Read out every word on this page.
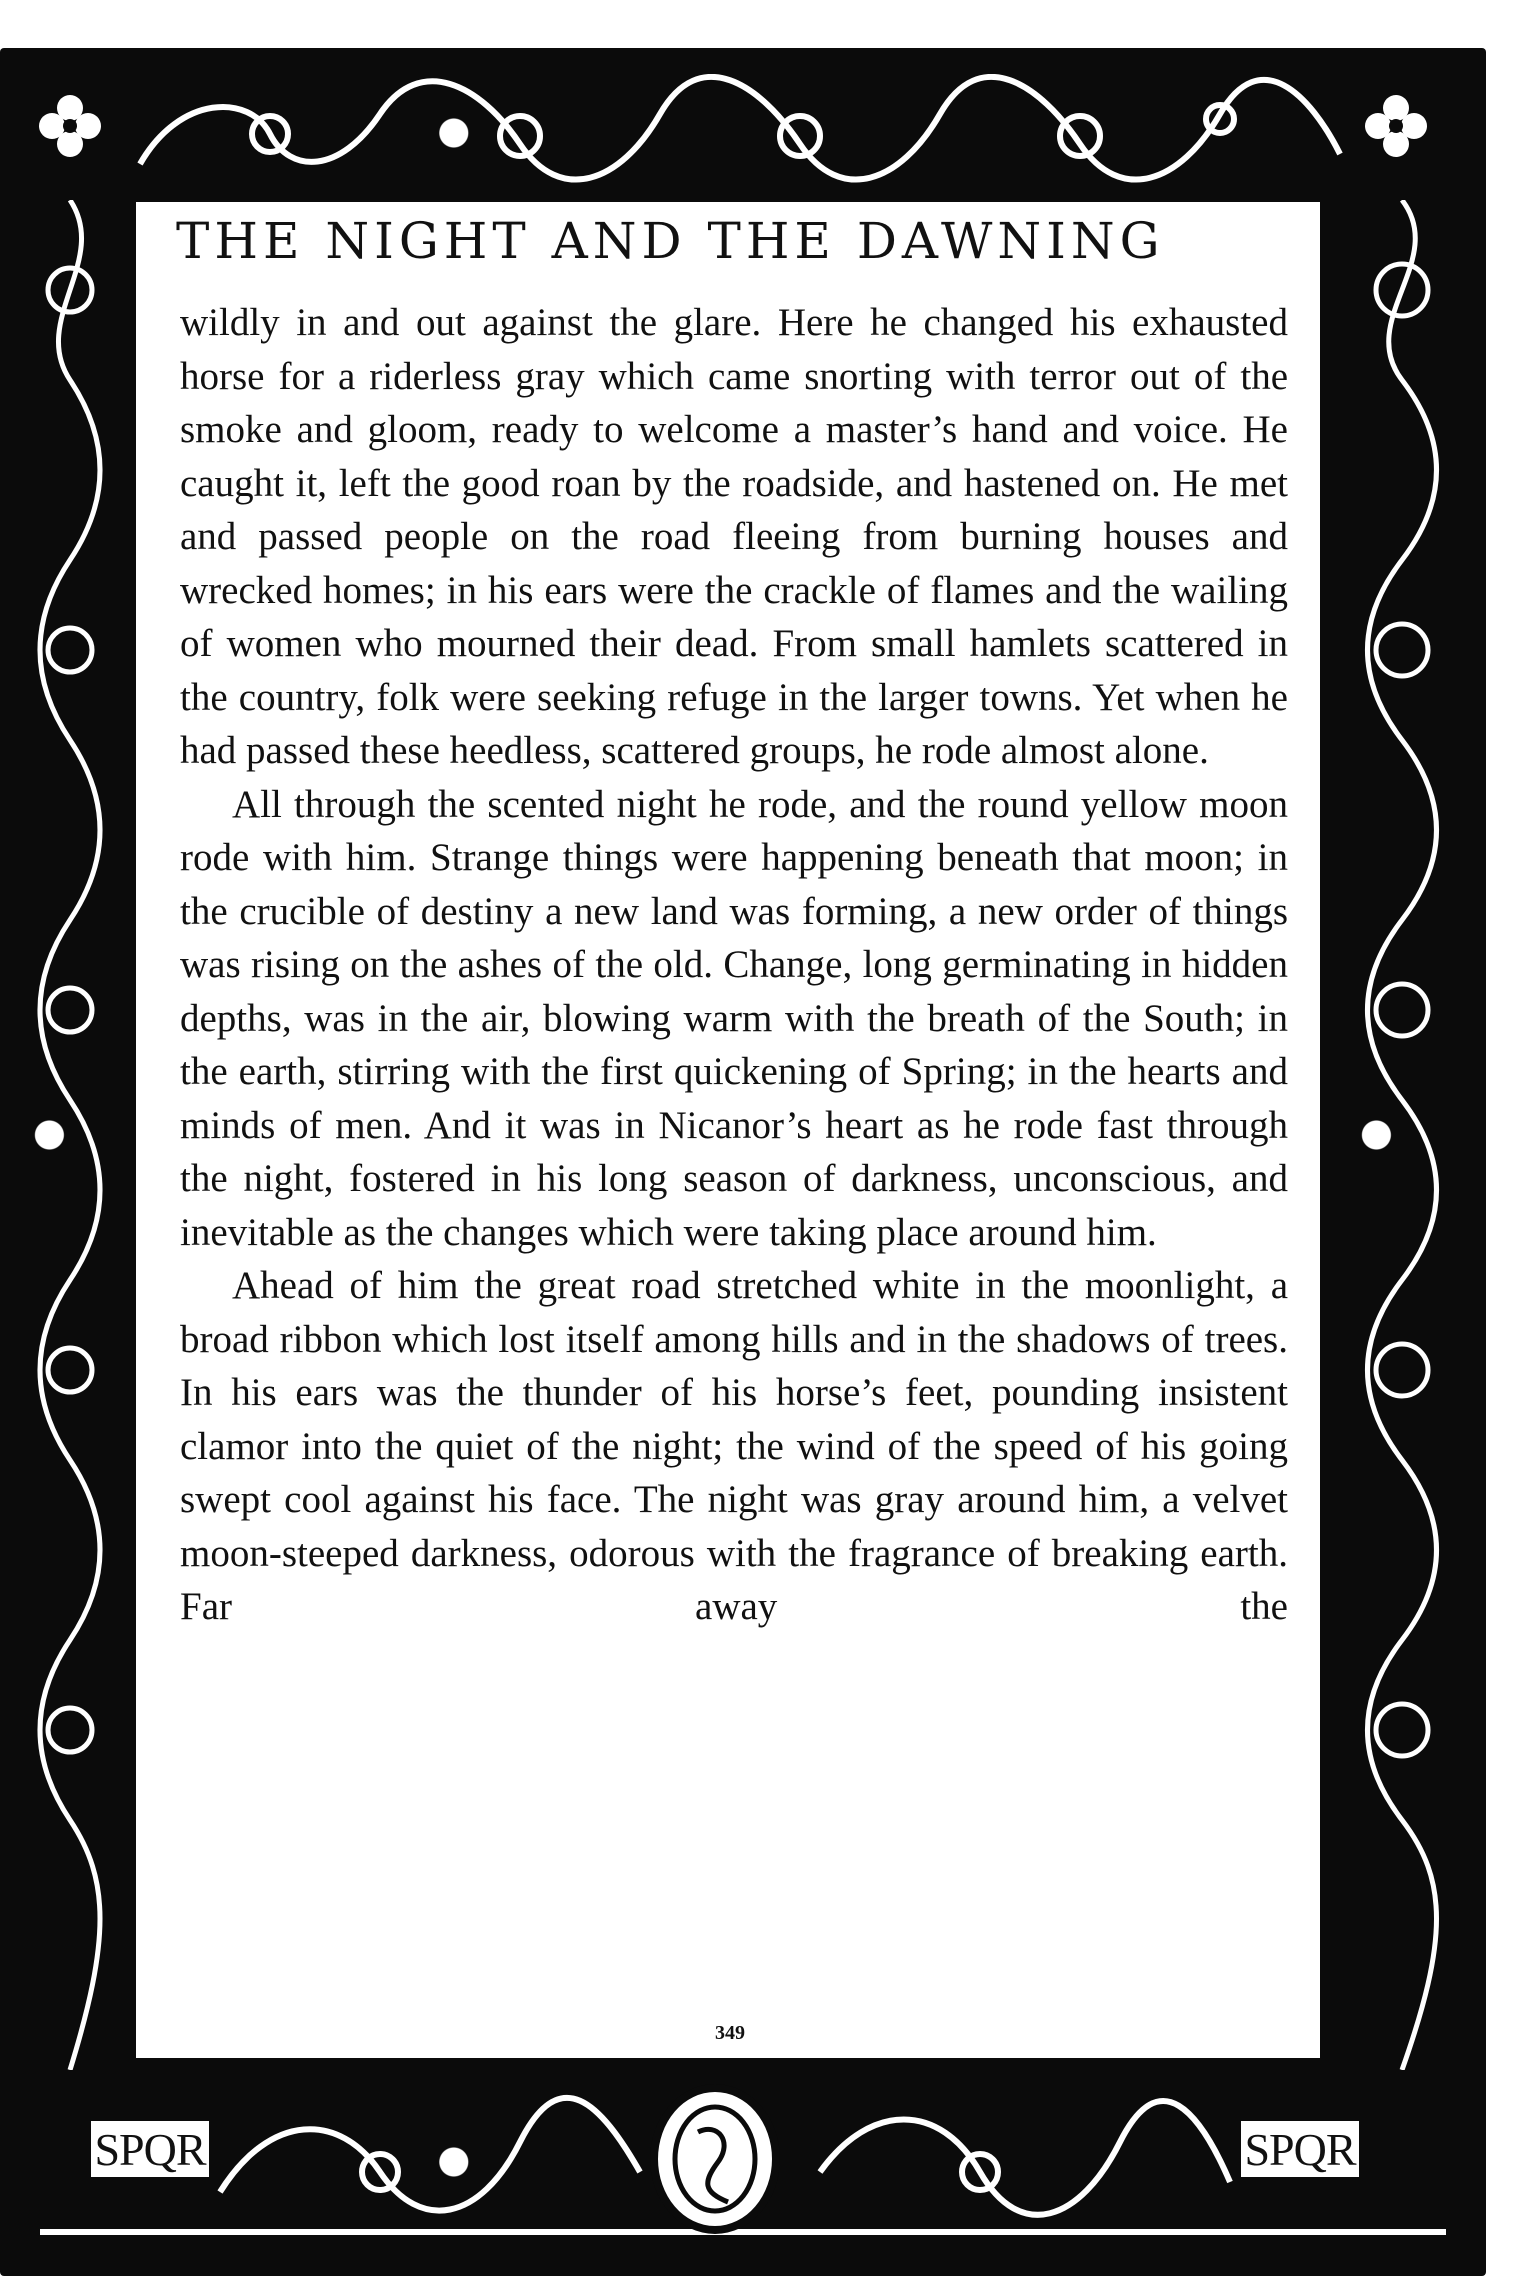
THE NIGHT AND THE DAWNING

wildly in and out against the glare. Here he changed his exhausted horse for a riderless gray which came snorting with terror out of the smoke and gloom, ready to welcome a master’s hand and voice. He caught it, left the good roan by the roadside, and hastened on. He met and passed people on the road fleeing from burning houses and wrecked homes; in his ears were the crackle of flames and the wailing of women who mourned their dead. From small hamlets scattered in the country, folk were seeking refuge in the larger towns. Yet when he had passed these heedless, scattered groups, he rode almost alone.

All through the scented night he rode, and the round yellow moon rode with him. Strange things were happening beneath that moon; in the crucible of destiny a new land was forming, a new order of things was rising on the ashes of the old. Change, long germinating in hidden depths, was in the air, blowing warm with the breath of the South; in the earth, stirring with the first quickening of Spring; in the hearts and minds of men. And it was in Nicanor’s heart as he rode fast through the night, fostered in his long season of darkness, unconscious, and inevitable as the changes which were taking place around him.

Ahead of him the great road stretched white in the moonlight, a broad ribbon which lost itself among hills and in the shadows of trees. In his ears was the thunder of his horse’s feet, pounding insistent clamor into the quiet of the night; the wind of the speed of his going swept cool against his face. The night was gray around him, a velvet moon-steeped darkness, odorous with the fragrance of breaking earth. Far away the

349
SPQR	SPQR
